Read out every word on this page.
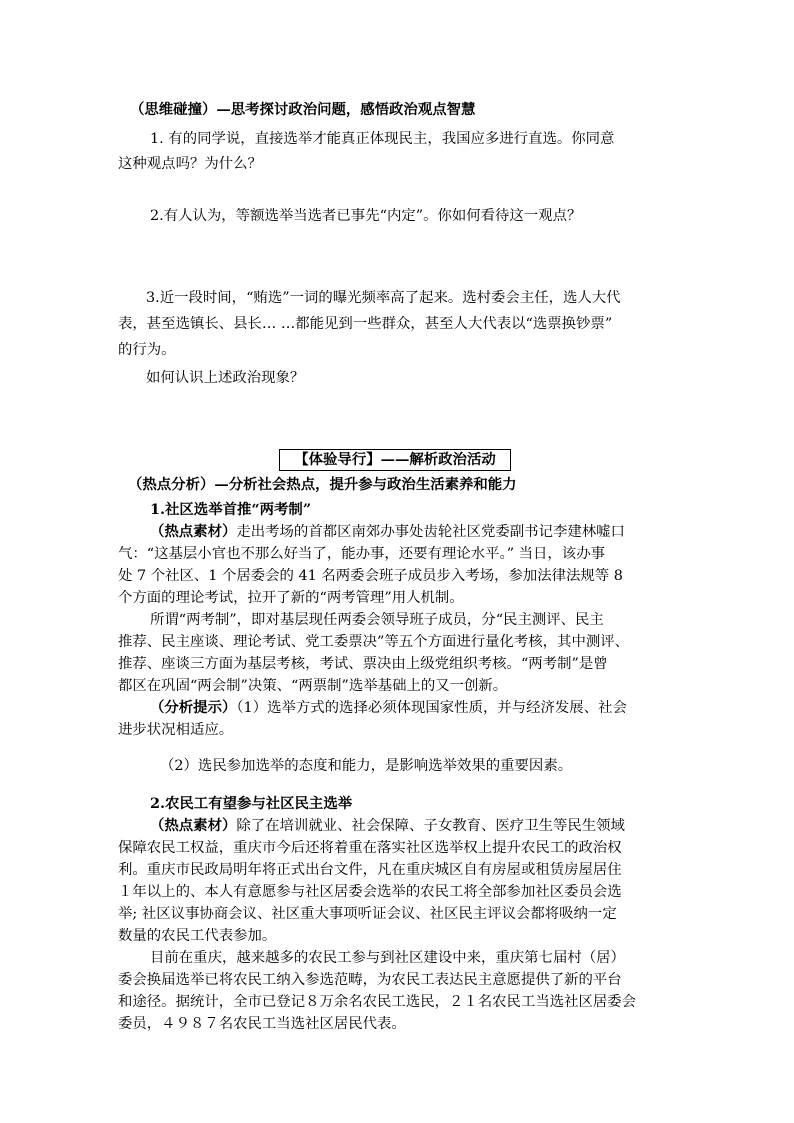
（思维碰撞）—思考探讨政治问题，感悟政治观点智慧
1. 有的同学说，直接选举才能真正体现民主，我国应多进行直选。你同意
这种观点吗？为什么？
2.有人认为，等额选举当选者已事先“内定”。你如何看待这一观点？
3.近一段时间，“贿选”一词的曝光频率高了起来。选村委会主任，选人大代
表，甚至选镇长、县长… …都能见到一些群众，甚至人大代表以“选票换钞票”
的行为。
如何认识上述政治现象？
【体验导行】——解析政治活动
（热点分析）—分析社会热点，提升参与政治生活素养和能力
1.社区选举首推“两考制”
（热点素材）走出考场的首都区南郊办事处齿轮社区党委副书记李建林嘘口
气：“这基层小官也不那么好当了，能办事，还要有理论水平。” 当日，该办事
处 7 个社区、1 个居委会的 41 名两委会班子成员步入考场，参加法律法规等 8
个方面的理论考试，拉开了新的“两考管理”用人机制。
所谓“两考制”，即对基层现任两委会领导班子成员，分“民主测评、民主
推荐、民主座谈、理论考试、党工委票决”等五个方面进行量化考核，其中测评、
推荐、座谈三方面为基层考核，考试、票决由上级党组织考核。“两考制”是曾
都区在巩固“两会制”决策、“两票制”选举基础上的又一创新。
（分析提示）（1）选举方式的选择必须体现国家性质，并与经济发展、社会
进步状况相适应。
（2）选民参加选举的态度和能力，是影响选举效果的重要因素。
2.农民工有望参与社区民主选举
（热点素材）除了在培训就业、社会保障、子女教育、医疗卫生等民生领域
保障农民工权益，重庆市今后还将着重在落实社区选举权上提升农民工的政治权
利。重庆市民政局明年将正式出台文件，凡在重庆城区自有房屋或租赁房屋居住
１年以上的、本人有意愿参与社区居委会选举的农民工将全部参加社区委员会选
举; 社区议事协商会议、社区重大事项听证会议、社区民主评议会都将吸纳一定
数量的农民工代表参加。
目前在重庆，越来越多的农民工参与到社区建设中来，重庆第七届村（居）
委会换届选举已将农民工纳入参选范畴，为农民工表达民主意愿提供了新的平台
和途径。据统计，全市已登记８万余名农民工选民，２１名农民工当选社区居委会
委员，４９８７名农民工当选社区居民代表。
